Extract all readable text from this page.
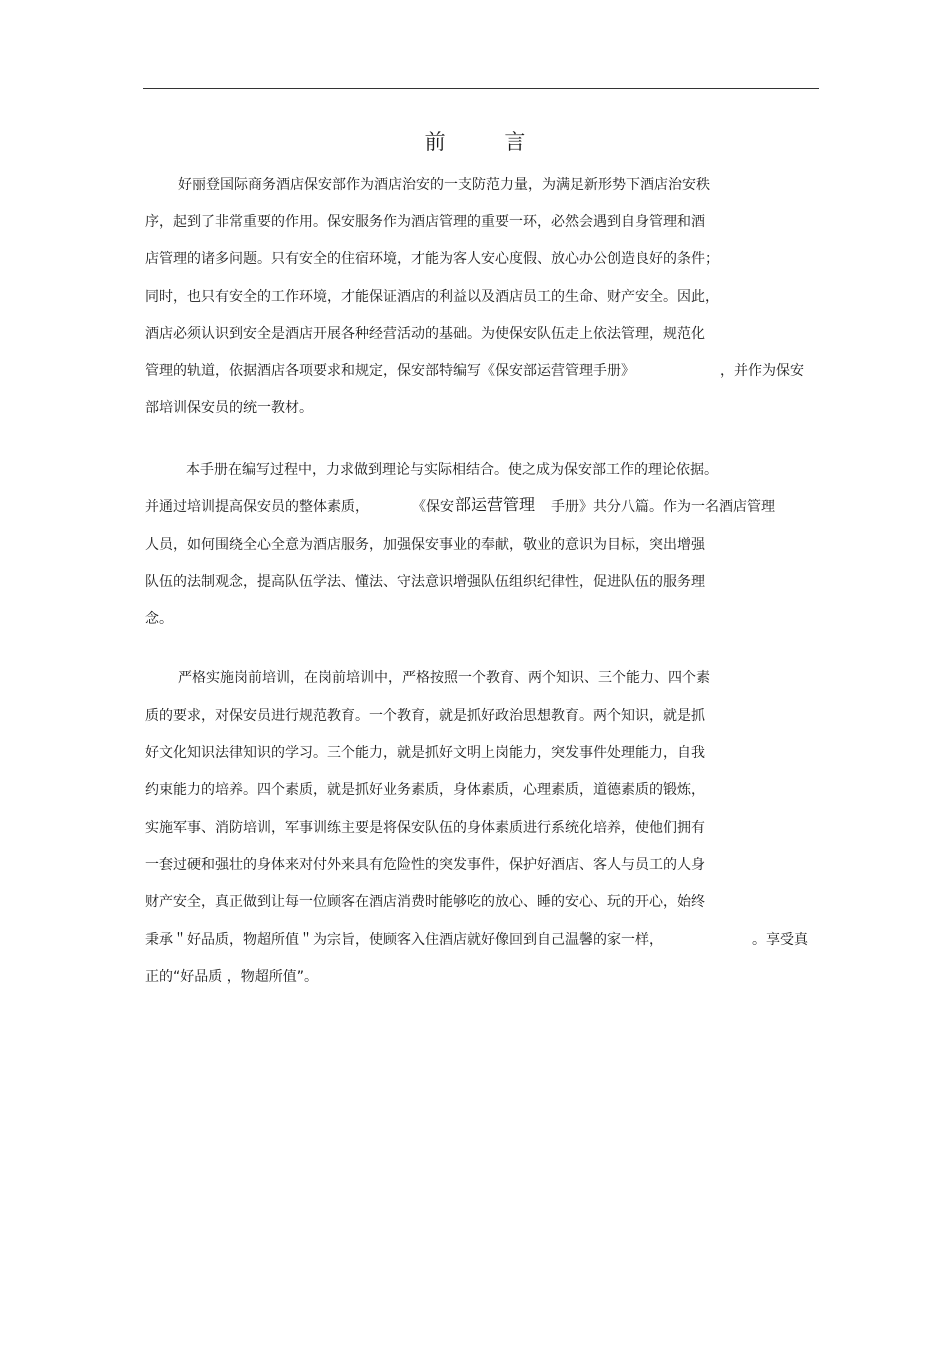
前 言
好丽登国际商务酒店保安部作为酒店治安的一支防范力量，为满足新形势下酒店治安秩
序，起到了非常重要的作用。保安服务作为酒店管理的重要一环，必然会遇到自身管理和酒
店管理的诸多问题。只有安全的住宿环境，才能为客人安心度假、放心办公创造良好的条件；
同时，也只有安全的工作环境，才能保证酒店的利益以及酒店员工的生命、财产安全。因此，
酒店必须认识到安全是酒店开展各种经营活动的基础。为使保安队伍走上依法管理，规范化
管理的轨道，依据酒店各项要求和规定，保安部特编写《保安部运营管理手册》	，并作为保安
部培训保安员的统一教材。
本手册在编写过程中，力求做到理论与实际相结合。使之成为保安部工作的理论依据。
并通过培训提高保安员的整体素质，	《保安 部运营管理 手册》共分八篇。作为一名酒店管理
人员，如何围绕全心全意为酒店服务，加强保安事业的奉献，敬业的意识为目标，突出增强
队伍的法制观念，提高队伍学法、懂法、守法意识增强队伍组织纪律性，促进队伍的服务理
念。
严格实施岗前培训，在岗前培训中，严格按照一个教育、两个知识、三个能力、四个素
质的要求，对保安员进行规范教育。一个教育，就是抓好政治思想教育。两个知识，就是抓
好文化知识法律知识的学习。三个能力，就是抓好文明上岗能力，突发事件处理能力，自我
约束能力的培养。四个素质，就是抓好业务素质，身体素质，心理素质，道德素质的锻炼，
实施军事、消防培训，军事训练主要是将保安队伍的身体素质进行系统化培养，使他们拥有
一套过硬和强壮的身体来对付外来具有危险性的突发事件，保护好酒店、客人与员工的人身
财产安全，真正做到让每一位顾客在酒店消费时能够吃的放心、睡的安心、玩的开心，始终
秉承＂好品质，物超所值＂为宗旨，使顾客入住酒店就好像回到自己温馨的家一样，	。享受真
正的“好品质 ，物超所值”。
